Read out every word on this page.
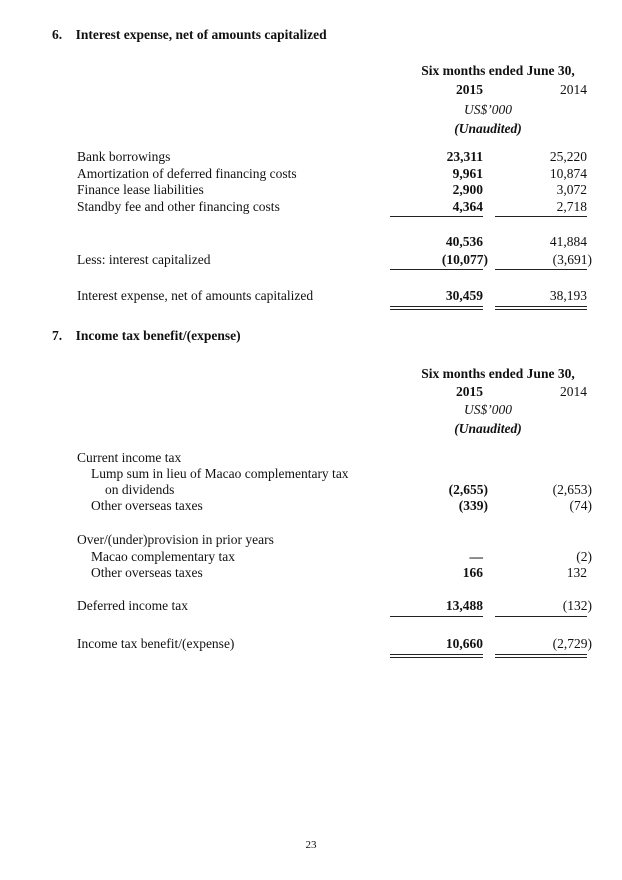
6. Interest expense, net of amounts capitalized
Six months ended June 30,
2015	2014
US$’000
(Unaudited)
Bank borrowings	23,311	25,220
Amortization of deferred financing costs	9,961	10,874
Finance lease liabilities	2,900	3,072
Standby fee and other financing costs	4,364	2,718
40,536	41,884
Less: interest capitalized	(10,077)	(3,691)
Interest expense, net of amounts capitalized	30,459	38,193
7. Income tax benefit/(expense)
Six months ended June 30,
2015	2014
US$’000
(Unaudited)
Current income tax
Lump sum in lieu of Macao complementary tax
on dividends	(2,655)	(2,653)
Other overseas taxes	(339)	(74)
Over/(under)provision in prior years
Macao complementary tax	—	(2)
Other overseas taxes	166	132
Deferred income tax	13,488	(132)
Income tax benefit/(expense)	10,660	(2,729)
23
